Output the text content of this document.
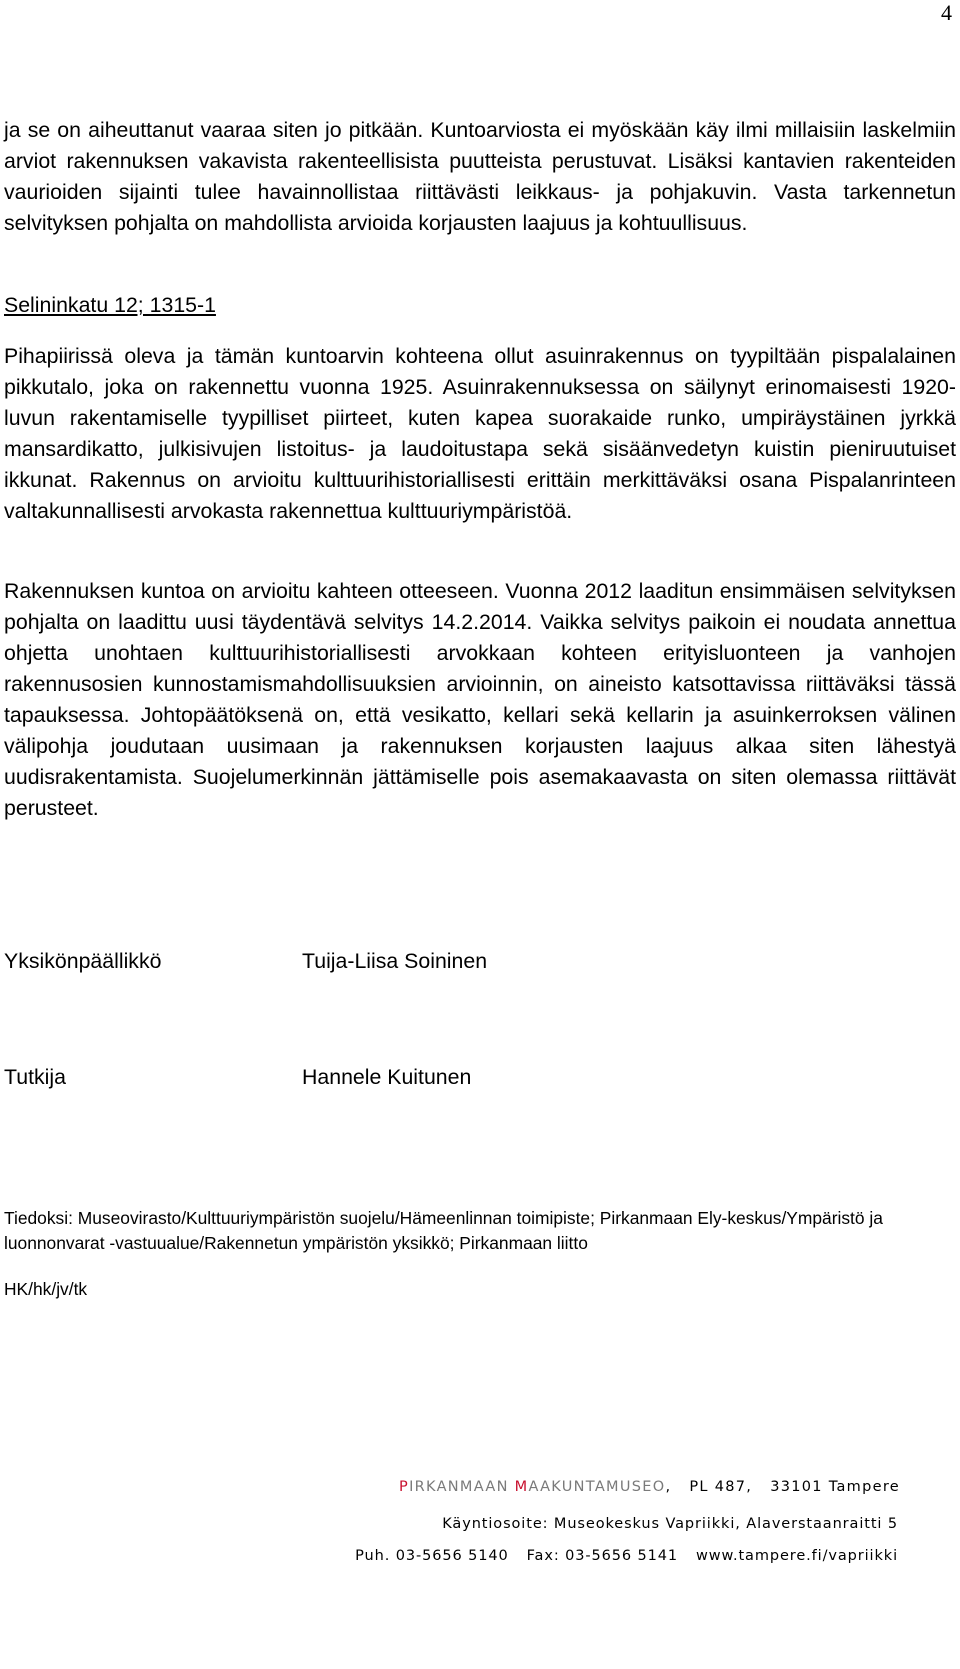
4

ja se on aiheuttanut vaaraa siten jo pitkään. Kuntoarviosta ei myöskään käy ilmi millaisiin laskelmiin arviot rakennuksen vakavista rakenteellisista puutteista perustuvat. Lisäksi kantavien rakenteiden vaurioiden sijainti tulee havainnollistaa riittävästi leikkaus- ja pohjakuvin. Vasta tarkennetun selvityksen pohjalta on mahdollista arvioida korjausten laajuus ja kohtuullisuus.

Selininkatu 12; 1315-1

Pihapiirissä oleva ja tämän kuntoarvin kohteena ollut asuinrakennus on tyypiltään pispalalainen pikkutalo, joka on rakennettu vuonna 1925. Asuinrakennuksessa on säilynyt erinomaisesti 1920-luvun rakentamiselle tyypilliset piirteet, kuten kapea suorakaide runko, umpiräystäinen jyrkkä mansardikatto, julkisivujen listoitus- ja laudoitustapa sekä sisäänvedetyn kuistin pieniruutuiset ikkunat. Rakennus on arvioitu kulttuurihistoriallisesti erittäin merkittäväksi osana Pispalanrinteen valtakunnallisesti arvokasta rakennettua kulttuuriympäristöä.

Rakennuksen kuntoa on arvioitu kahteen otteeseen. Vuonna 2012 laaditun ensimmäisen selvityksen pohjalta on laadittu uusi täydentävä selvitys 14.2.2014. Vaikka selvitys paikoin ei noudata annettua ohjetta unohtaen kulttuurihistoriallisesti arvokkaan kohteen erityisluonteen ja vanhojen rakennusosien kunnostamismahdollisuuksien arvioinnin, on aineisto katsottavissa riittäväksi tässä tapauksessa. Johtopäätöksenä on, että vesikatto, kellari sekä kellarin ja asuinkerroksen välinen välipohja joudutaan uusimaan ja rakennuksen korjausten laajuus alkaa siten lähestyä uudisrakentamista. Suojelumerkinnän jättämiselle pois asemakaavasta on siten olemassa riittävät perusteet.

Yksikönpäällikkö	Tuija-Liisa Soininen

Tutkija	Hannele Kuitunen

Tiedoksi: Museovirasto/Kulttuuriympäristön suojelu/Hämeenlinnan toimipiste; Pirkanmaan Ely-keskus/Ympäristö ja luonnonvarat -vastuualue/Rakennetun ympäristön yksikkö; Pirkanmaan liitto

HK/hk/jv/tk

PIRKANMAAN MAAKUNTAMUSEO, PL 487, 33101 Tampere
Käyntiosoite: Museokeskus Vapriikki, Alaverstaanraitti 5
Puh. 03-5656 5140 Fax: 03-5656 5141 www.tampere.fi/vapriikki
